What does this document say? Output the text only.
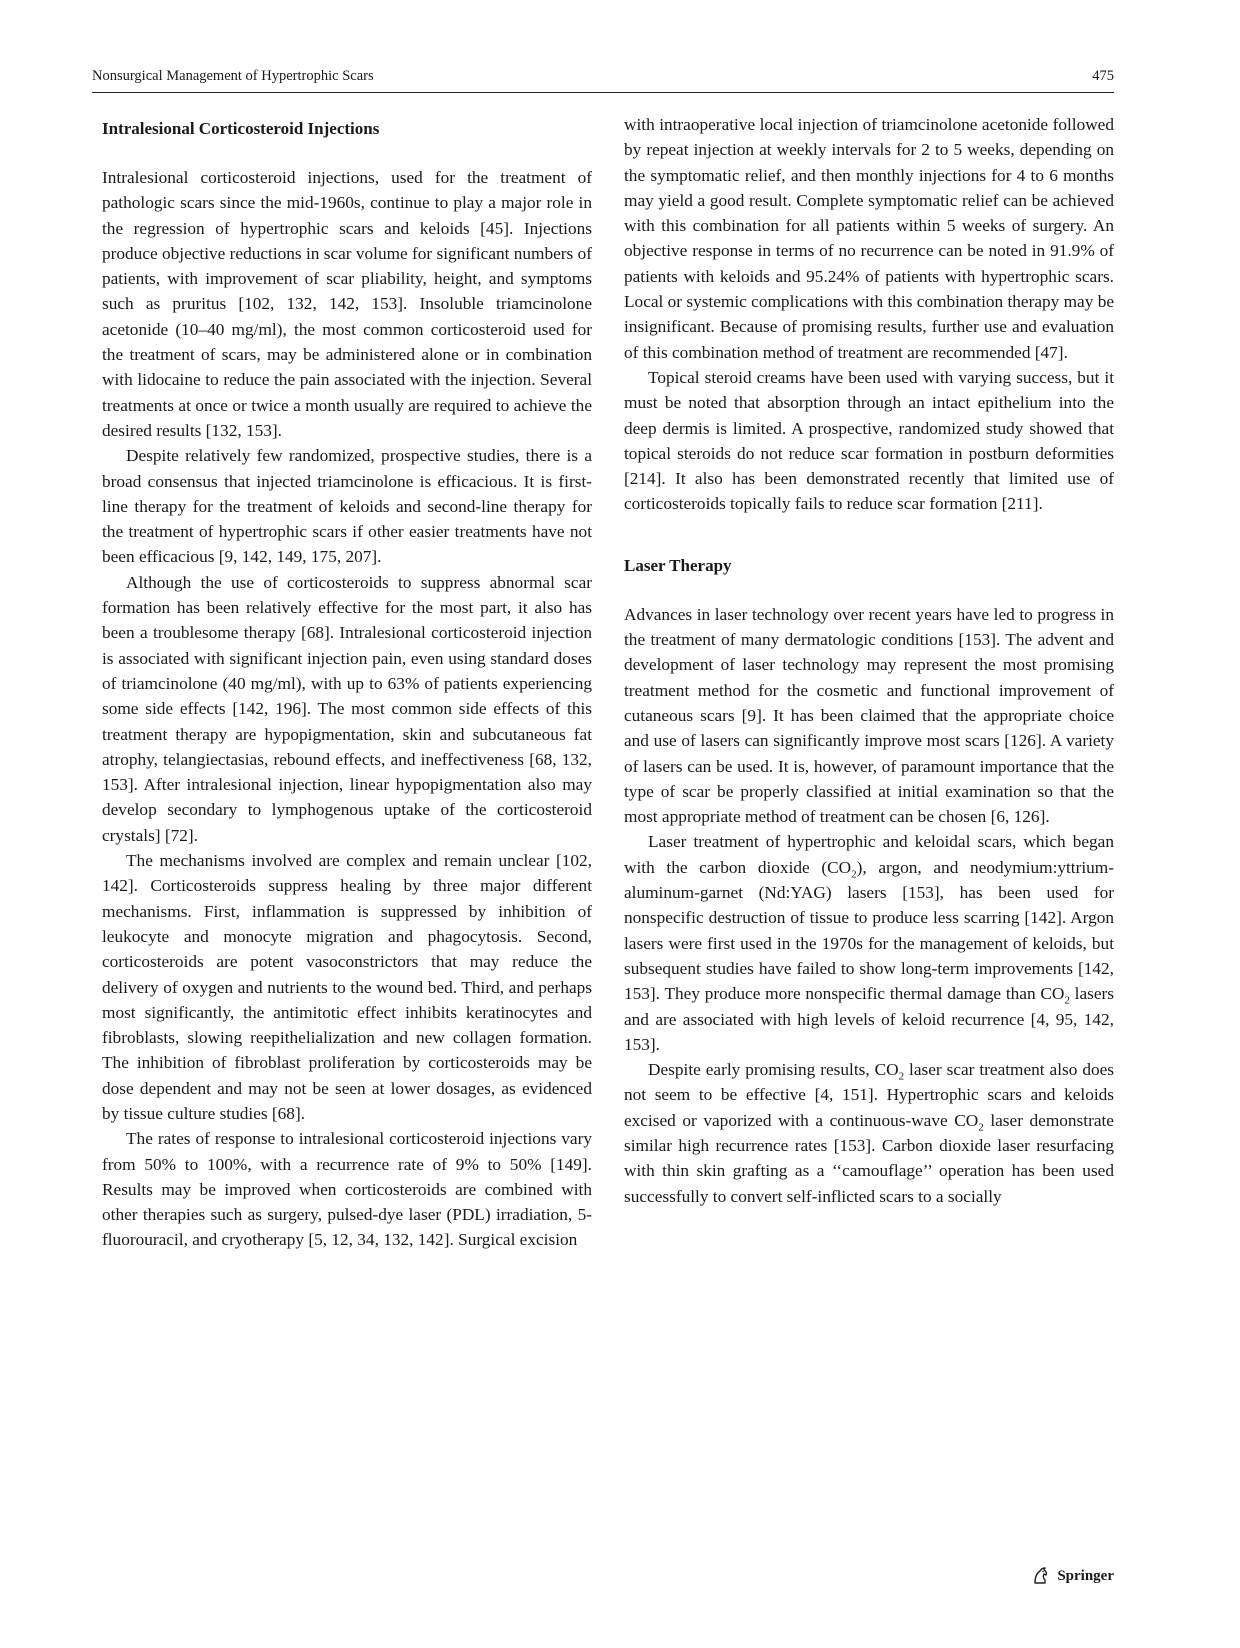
Nonsurgical Management of Hypertrophic Scars	475
Intralesional Corticosteroid Injections

Intralesional corticosteroid injections, used for the treatment of pathologic scars since the mid-1960s, continue to play a major role in the regression of hypertrophic scars and keloids [45]. Injections produce objective reductions in scar volume for significant numbers of patients, with improvement of scar pliability, height, and symptoms such as pruritus [102, 132, 142, 153]. Insoluble triamcinolone acetonide (10–40 mg/ml), the most common corticosteroid used for the treatment of scars, may be administered alone or in combination with lidocaine to reduce the pain associated with the injection. Several treatments at once or twice a month usually are required to achieve the desired results [132, 153].

Despite relatively few randomized, prospective studies, there is a broad consensus that injected triamcinolone is efficacious. It is first-line therapy for the treatment of keloids and second-line therapy for the treatment of hypertrophic scars if other easier treatments have not been efficacious [9, 142, 149, 175, 207].

Although the use of corticosteroids to suppress abnormal scar formation has been relatively effective for the most part, it also has been a troublesome therapy [68]. Intralesional corticosteroid injection is associated with significant injection pain, even using standard doses of triamcinolone (40 mg/ml), with up to 63% of patients experiencing some side effects [142, 196]. The most common side effects of this treatment therapy are hypopigmentation, skin and subcutaneous fat atrophy, telangiectasias, rebound effects, and ineffectiveness [68, 132, 153]. After intralesional injection, linear hypopigmentation also may develop secondary to lymphogenous uptake of the corticosteroid crystals] [72].

The mechanisms involved are complex and remain unclear [102, 142]. Corticosteroids suppress healing by three major different mechanisms. First, inflammation is suppressed by inhibition of leukocyte and monocyte migration and phagocytosis. Second, corticosteroids are potent vasoconstrictors that may reduce the delivery of oxygen and nutrients to the wound bed. Third, and perhaps most significantly, the antimitotic effect inhibits keratinocytes and fibroblasts, slowing reepithelialization and new collagen formation. The inhibition of fibroblast proliferation by corticosteroids may be dose dependent and may not be seen at lower dosages, as evidenced by tissue culture studies [68].

The rates of response to intralesional corticosteroid injections vary from 50% to 100%, with a recurrence rate of 9% to 50% [149]. Results may be improved when corticosteroids are combined with other therapies such as surgery, pulsed-dye laser (PDL) irradiation, 5-fluorouracil, and cryotherapy [5, 12, 34, 132, 142]. Surgical excision

with intraoperative local injection of triamcinolone acetonide followed by repeat injection at weekly intervals for 2 to 5 weeks, depending on the symptomatic relief, and then monthly injections for 4 to 6 months may yield a good result. Complete symptomatic relief can be achieved with this combination for all patients within 5 weeks of surgery. An objective response in terms of no recurrence can be noted in 91.9% of patients with keloids and 95.24% of patients with hypertrophic scars. Local or systemic complications with this combination therapy may be insignificant. Because of promising results, further use and evaluation of this combination method of treatment are recommended [47].

Topical steroid creams have been used with varying success, but it must be noted that absorption through an intact epithelium into the deep dermis is limited. A prospective, randomized study showed that topical steroids do not reduce scar formation in postburn deformities [214]. It also has been demonstrated recently that limited use of corticosteroids topically fails to reduce scar formation [211].

Laser Therapy

Advances in laser technology over recent years have led to progress in the treatment of many dermatologic conditions [153]. The advent and development of laser technology may represent the most promising treatment method for the cosmetic and functional improvement of cutaneous scars [9]. It has been claimed that the appropriate choice and use of lasers can significantly improve most scars [126]. A variety of lasers can be used. It is, however, of paramount importance that the type of scar be properly classified at initial examination so that the most appropriate method of treatment can be chosen [6, 126].

Laser treatment of hypertrophic and keloidal scars, which began with the carbon dioxide $(CO_2)$, argon, and neodymium:yttrium-aluminum-garnet (Nd:YAG) lasers [153], has been used for nonspecific destruction of tissue to produce less scarring [142]. Argon lasers were first used in the 1970s for the management of keloids, but subsequent studies have failed to show long-term improvements [142, 153]. They produce more nonspecific thermal damage than $CO_2$ lasers and are associated with high levels of keloid recurrence [4, 95, 142, 153].

Despite early promising results, $CO_2$ laser scar treatment also does not seem to be effective [4, 151]. Hypertrophic scars and keloids excised or vaporized with a continuous-wave $CO_2$ laser demonstrate similar high recurrence rates [153]. Carbon dioxide laser resurfacing with thin skin grafting as a ‘‘camouflage’’ operation has been used successfully to convert self-inflicted scars to a socially

Springer
